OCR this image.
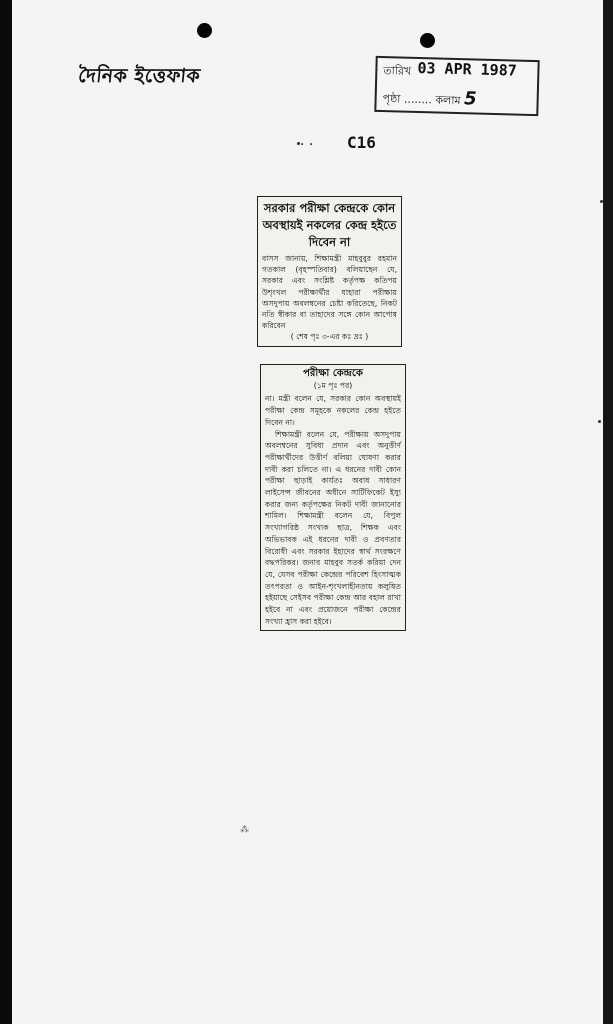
দৈনিক ইত্তেফাক	তারিখ 03 APR 1987
পৃষ্ঠা ........ কলাম 5
· · C16
সরকার পরীক্ষা কেন্দ্রকে কোন অবস্থায়ই নকলের কেন্দ্র হইতে দিবেন না

বাসস জানায়, শিক্ষামন্ত্রী মাহবুবুর রহমান গতকাল (বৃহস্পতিবার) বলিয়াছেন যে, সরকার এবং সংশ্লিষ্ট কর্তৃপক্ষ কতিপয় উশৃংখল পরীক্ষার্থীর যাহারা পরীক্ষায় অসদুপায় অবলম্বনের চেষ্টা করিতেছে, নিকট নতি স্বীকার বা তাহাদের সঙ্গে কোন আপোষ করিবেন

( শেষ পৃঃ ৩-এর কঃ দ্রঃ )
পরীক্ষা কেন্দ্রকে
(১ম পৃঃ পর)

না। মন্ত্রী বলেন যে, সরকার কোন অবস্থায়ই পরীক্ষা কেন্দ্র সমূহকে নকলের কেন্দ্র হইতে দিবেন না।

শিক্ষামন্ত্রী বলেন যে, পরীক্ষায় অসদুপায় অবলম্বনের সুবিধা প্রদান এবং অনুত্তীর্ণ পরীক্ষার্থীদের উত্তীর্ণ বলিয়া ঘোষণা করার দাবী করা চলিতে না। এ ধরনের দাবী কোন পরীক্ষা ছাড়াই কার্যতঃ অবাধ সাধারণ লাইসেন্স জীবনের অধীনে সার্টিফিকেট ইস্যু করার জন্য কর্তৃপক্ষের নিকট দাবী জানানোর শামিল। শিক্ষামন্ত্রী বলেন যে, বিপুল সংখ্যাগরিষ্ঠ সংখ্যক ছাত্র, শিক্ষক এবং অভিভাবক এই ধরনের দাবী ও প্রবণতার বিরোধী এবং সরকার ইহাদের স্বার্থ সংরক্ষণে বদ্ধপরিকর। জনাব মাহবুব সতর্ক করিয়া দেন যে, যেসব পরীক্ষা কেন্দ্রের পরিবেশ হিংসাত্মক তৎপরতা ও আইন-শৃংখলাহীনতায় কলুষিত হইয়াছে সেইসব পরীক্ষা কেন্দ্র আর বহাল রাখা হইবে না এবং প্রয়োজনে পরীক্ষা কেন্দ্রের সংখ্যা হ্রাস করা হইবে।

⁂
